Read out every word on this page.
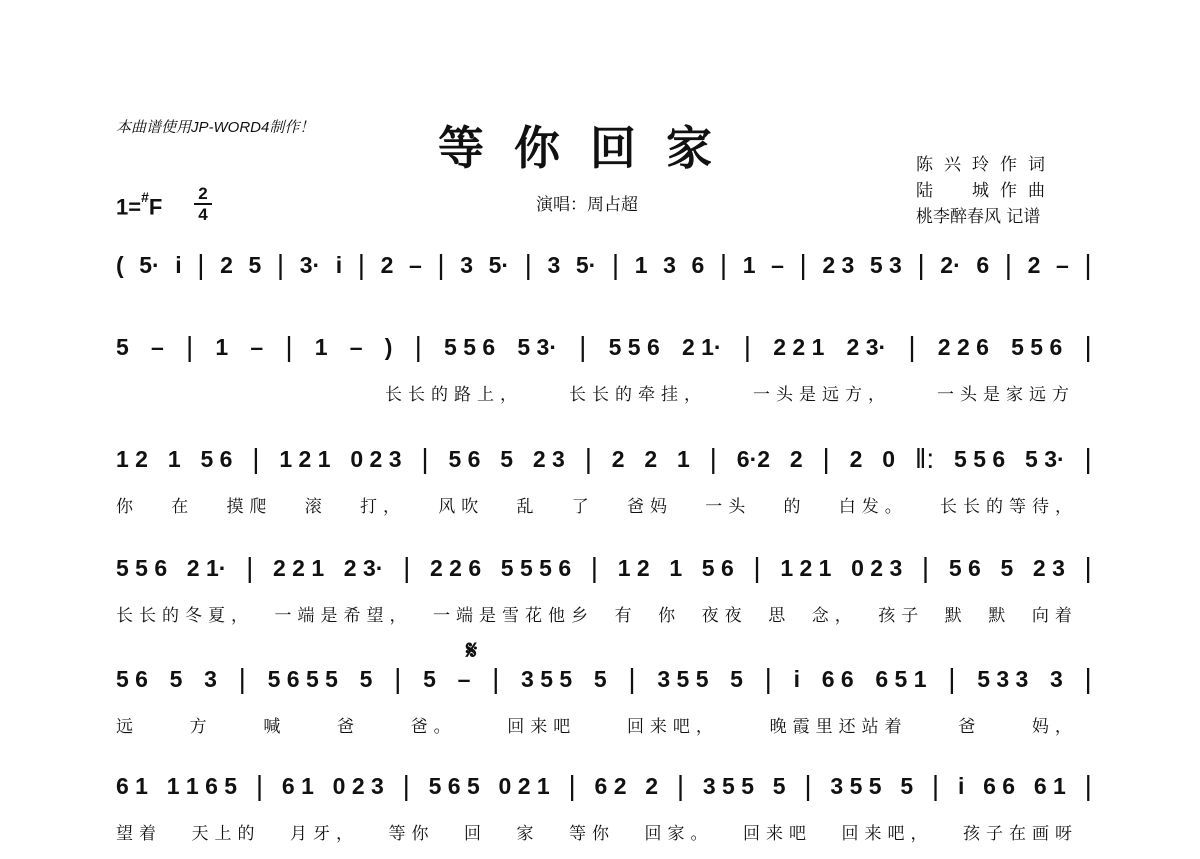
本曲谱使用JP-WORD4制作！	等你回家
演唱：周占超
陈兴玲作词
陆　城作曲
桃李醉春风 记谱
1=#F
2
4
𝄋
( 5· i | 2 5 | 3· i | 2 – | 3 5· | 3 5· | 1 3 6 | 1 – | 2 3 5 3 | 2· 6 | 2 – |
5 – | 1 – | 1 – ) | 5 5 6 5 3· | 5 5 6 2 1· | 2 2 1 2 3· | 2 2 6 5 5 6 |
长长的路上，	长长的牵挂，	一头是远方，	一头是家远方
1 2 1 5 6 | 1 2 1 0 2 3 | 5 6 5 2 3 | 2 2 1 | 6·2 2 | 2 0 ‖: 5 5 6 5 3· |
你 在 摸爬 滚 打， 风吹 乱 了 爸妈 一头 的 白发。 长长的等待，
5 5 6 2 1· | 2 2 1 2 3· | 2 2 6 5 5 5 6 | 1 2 1 5 6 | 1 2 1 0 2 3 | 5 6 5 2 3 |
长长的冬夏， 一端是希望， 一端是雪花他乡 有 你 夜夜 思 念， 孩子 默 默 向着
5 6 5 3 | 5 6 5 5 5 | 5 – | 3 5 5 5 | 3 5 5 5 | i 6 6 6 5 1 | 5 3 3 3 |
远	方	喊	爸	爸。	回来吧	回来吧，	晚霞里还站着	爸	妈，
6 1 1 1 6 5 | 6 1 0 2 3 | 5 6 5 0 2 1 | 6 2 2 | 3 5 5 5 | 3 5 5 5 | i 6 6 6 1 |
望着 天上的 月牙， 等你 回 家 等你 回家。 回来吧 回来吧， 孩子在画呀
